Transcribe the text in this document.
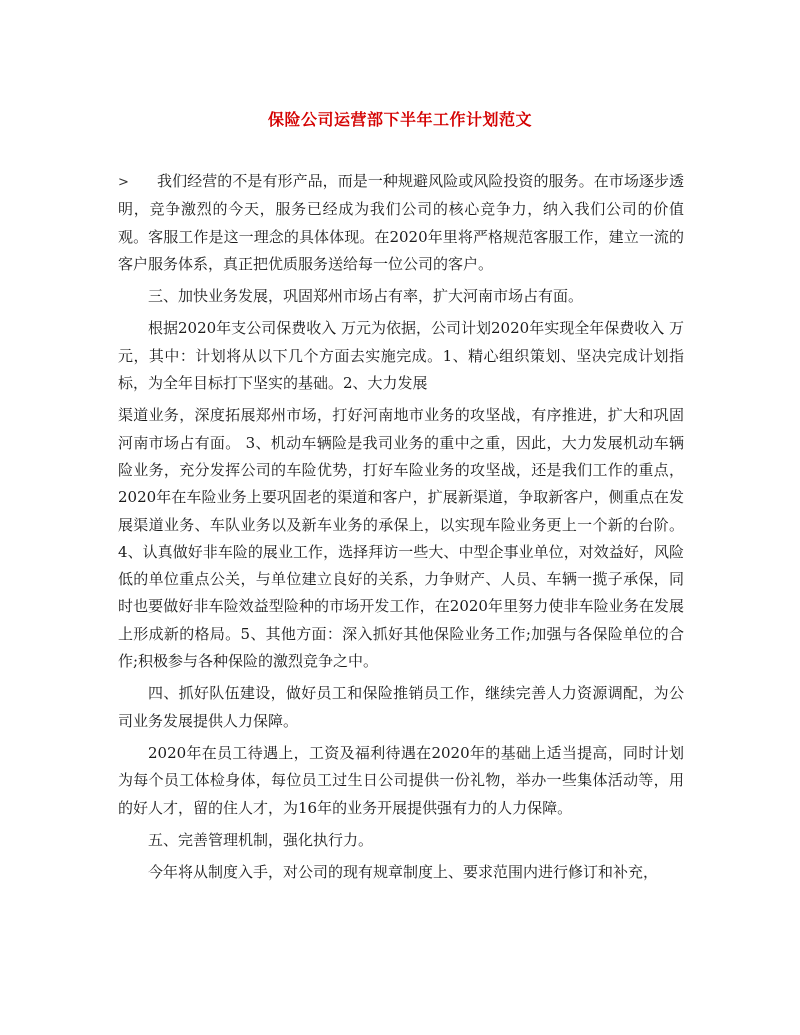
保险公司运营部下半年工作计划范文

> 我们经营的不是有形产品，而是一种规避风险或风险投资的服务。在市场逐步透明，竞争激烈的今天，服务已经成为我们公司的核心竞争力，纳入我们公司的价值观。客服工作是这一理念的具体体现。在2020年里将严格规范客服工作，建立一流的客户服务体系，真正把优质服务送给每一位公司的客户。

三、加快业务发展，巩固郑州市场占有率，扩大河南市场占有面。

根据2020年支公司保费收入 万元为依据，公司计划2020年实现全年保费收入 万元，其中：计划将从以下几个方面去实施完成。1、精心组织策划、坚决完成计划指标，为全年目标打下坚实的基础。2、大力发展

渠道业务，深度拓展郑州市场，打好河南地市业务的攻坚战，有序推进，扩大和巩固河南市场占有面。 3、机动车辆险是我司业务的重中之重，因此，大力发展机动车辆险业务，充分发挥公司的车险优势，打好车险业务的攻坚战，还是我们工作的重点，2020年在车险业务上要巩固老的渠道和客户，扩展新渠道，争取新客户，侧重点在发展渠道业务、车队业务以及新车业务的承保上，以实现车险业务更上一个新的台阶。4、认真做好非车险的展业工作，选择拜访一些大、中型企事业单位，对效益好，风险低的单位重点公关，与单位建立良好的关系，力争财产、人员、车辆一揽子承保，同时也要做好非车险效益型险种的市场开发工作，在2020年里努力使非车险业务在发展上形成新的格局。5、其他方面：深入抓好其他保险业务工作;加强与各保险单位的合作;积极参与各种保险的激烈竞争之中。

四、抓好队伍建设，做好员工和保险推销员工作，继续完善人力资源调配，为公司业务发展提供人力保障。

2020年在员工待遇上，工资及福利待遇在2020年的基础上适当提高，同时计划为每个员工体检身体，每位员工过生日公司提供一份礼物，举办一些集体活动等，用的好人才，留的住人才，为16年的业务开展提供强有力的人力保障。

五、完善管理机制，强化执行力。

今年将从制度入手，对公司的现有规章制度上、要求范围内进行修订和补充，
